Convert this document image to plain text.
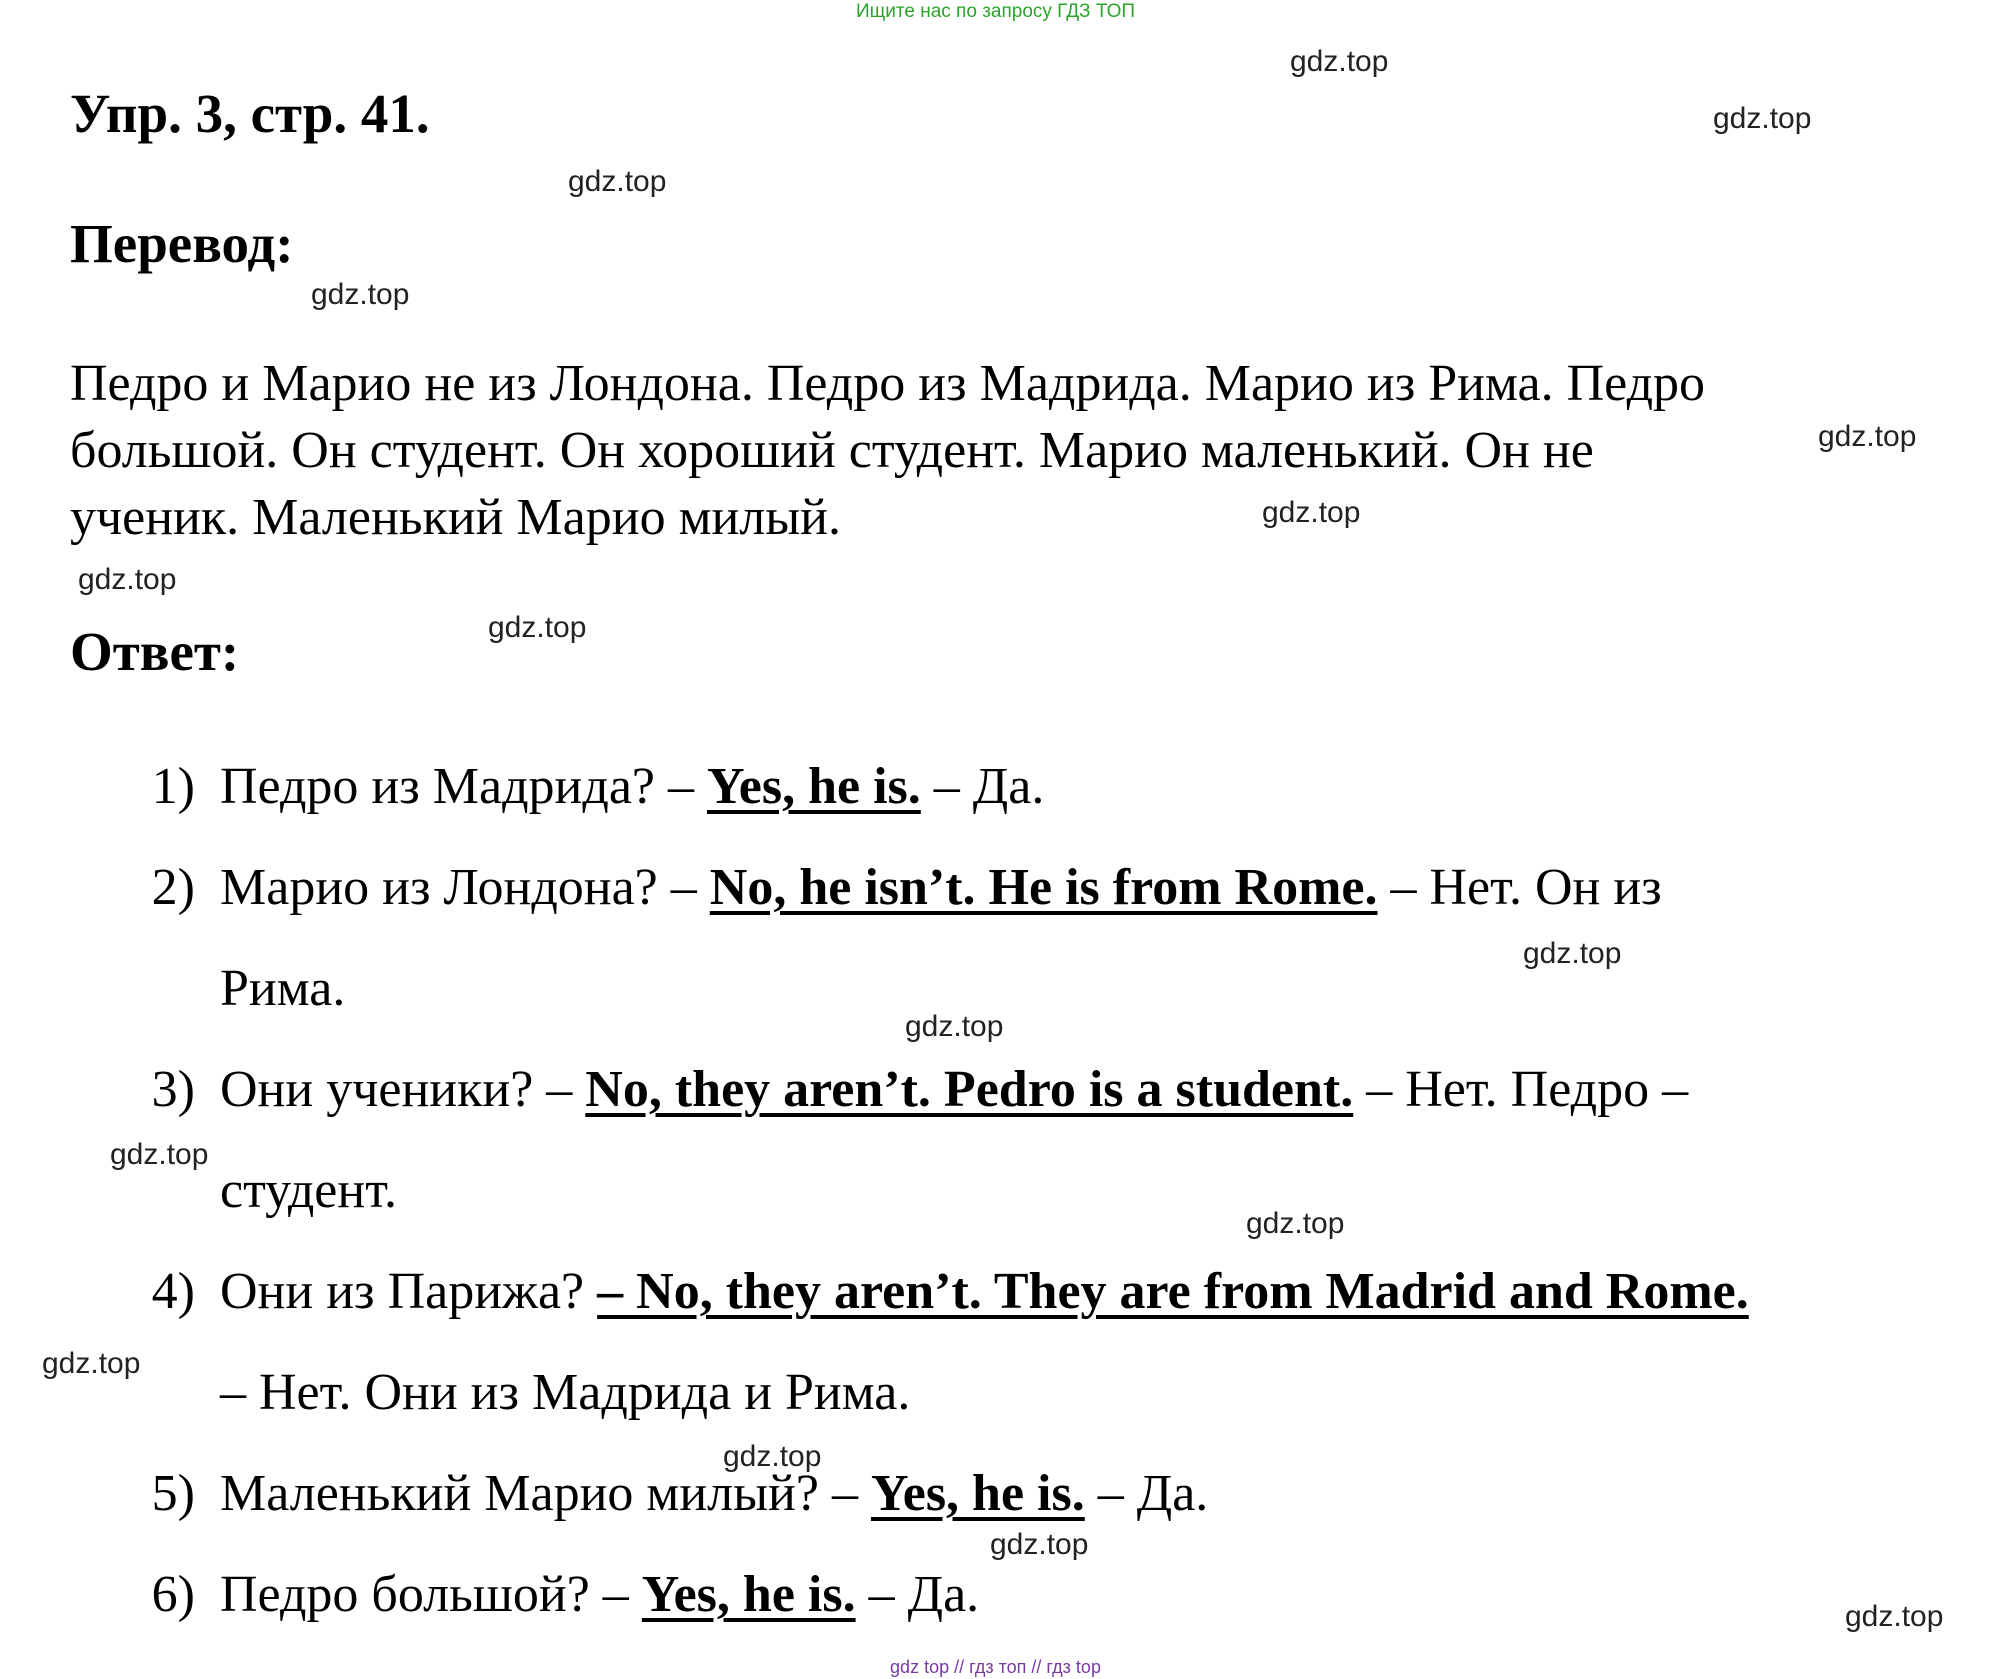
Ищите нас по запросу ГДЗ ТОП
Упр. 3, стр. 41.
Перевод:
Педро и Марио не из Лондона. Педро из Мадрида. Марио из Рима. Педро
большой. Он студент. Он хороший студент. Марио маленький. Он не
ученик. Маленький Марио милый.
Ответ:
1) Педро из Мадрида? – Yes, he is. – Да.
2) Марио из Лондона? – No, he isn’t. He is from Rome. – Нет. Он из
Рима.
3) Они ученики? – No, they aren’t. Pedro is a student. – Нет. Педро –
студент.
4) Они из Парижа? – No, they aren’t. They are from Madrid and Rome.
– Нет. Они из Мадрида и Рима.
5) Маленький Марио милый? – Yes, he is. – Да.
6) Педро большой? – Yes, he is. – Да.
gdz.top
gdz.top
gdz.top
gdz.top
gdz.top
gdz.top
gdz.top
gdz.top
gdz.top
gdz.top
gdz.top
gdz.top
gdz.top
gdz.top
gdz.top
gdz.top
gdz top // гдз топ // гдз top
